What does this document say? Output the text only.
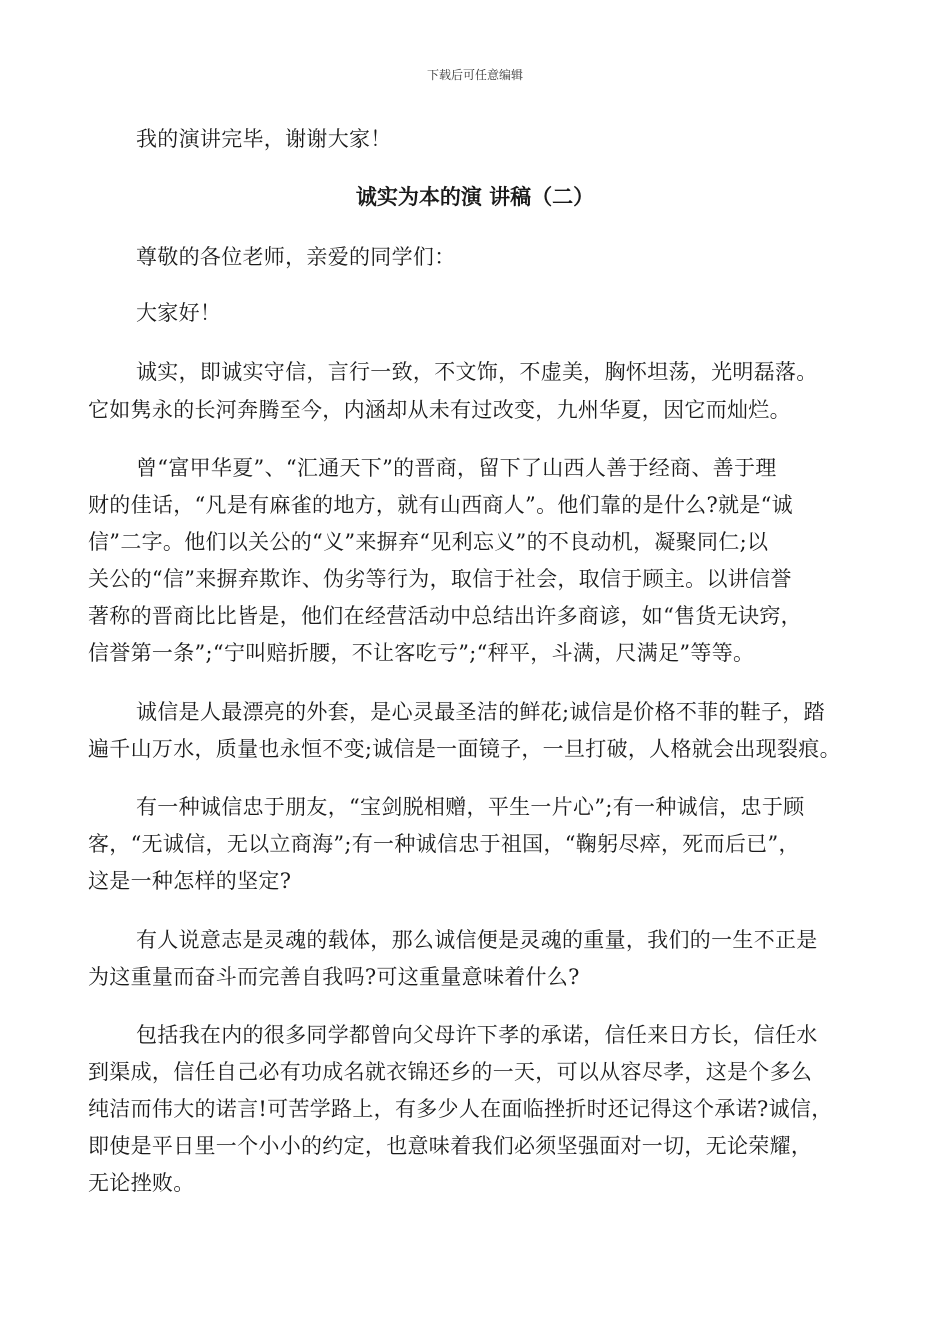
下载后可任意编辑
我的演讲完毕，谢谢大家！
诚实为本的演 讲稿（二）
尊敬的各位老师，亲爱的同学们：
大家好！
诚实，即诚实守信，言行一致，不文饰，不虚美，胸怀坦荡，光明磊落。
它如隽永的长河奔腾至今，内涵却从未有过改变，九州华夏，因它而灿烂。
曾“富甲华夏”、“汇通天下”的晋商，留下了山西人善于经商、善于理
财的佳话，“凡是有麻雀的地方，就有山西商人”。他们靠的是什么?就是“诚
信”二字。他们以关公的“义”来摒弃“见利忘义”的不良动机，凝聚同仁;以
关公的“信”来摒弃欺诈、伪劣等行为，取信于社会，取信于顾主。以讲信誉
著称的晋商比比皆是，他们在经营活动中总结出许多商谚，如“售货无诀窍，
信誉第一条”;“宁叫赔折腰，不让客吃亏”;“秤平，斗满，尺满足”等等。
诚信是人最漂亮的外套，是心灵最圣洁的鲜花;诚信是价格不菲的鞋子，踏
遍千山万水，质量也永恒不变;诚信是一面镜子，一旦打破，人格就会出现裂痕。
有一种诚信忠于朋友，“宝剑脱相赠，平生一片心”;有一种诚信，忠于顾
客，“无诚信，无以立商海”;有一种诚信忠于祖国，“鞠躬尽瘁，死而后已”，
这是一种怎样的坚定?
有人说意志是灵魂的载体，那么诚信便是灵魂的重量，我们的一生不正是
为这重量而奋斗而完善自我吗?可这重量意味着什么?
包括我在内的很多同学都曾向父母许下孝的承诺，信任来日方长，信任水
到渠成，信任自己必有功成名就衣锦还乡的一天，可以从容尽孝，这是个多么
纯洁而伟大的诺言!可苦学路上，有多少人在面临挫折时还记得这个承诺?诚信，
即使是平日里一个小小的约定，也意味着我们必须坚强面对一切，无论荣耀，
无论挫败。
